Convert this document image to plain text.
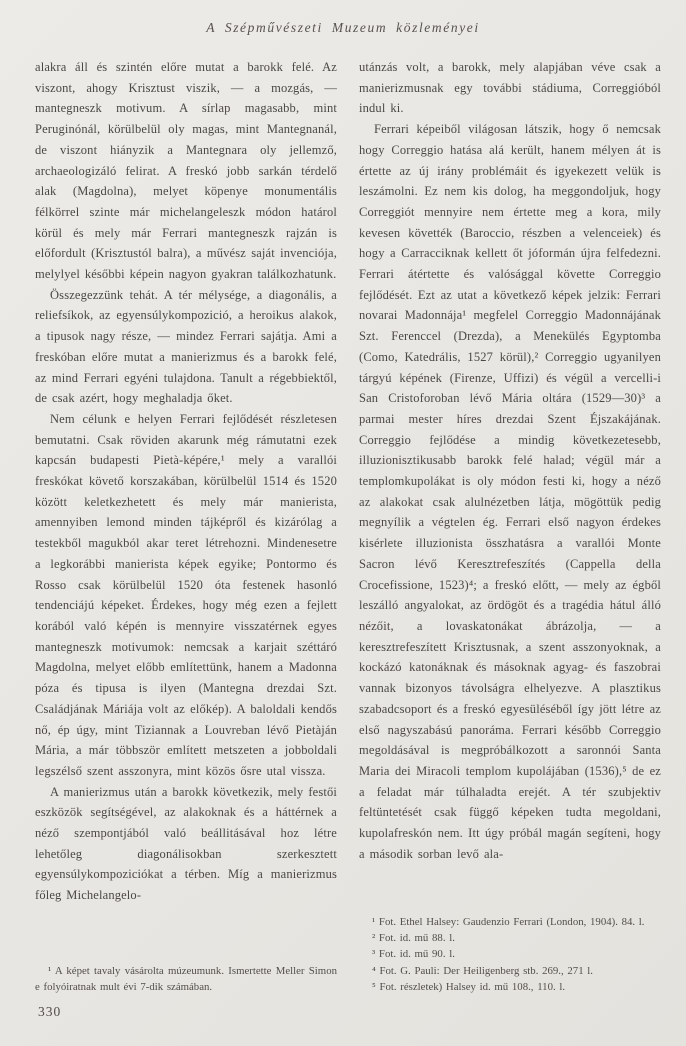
A Szépművészeti Muzeum közleményei

alakra áll és szintén előre mutat a barokk felé. Az viszont, ahogy Krisztust viszik, — a mozgás, — mantegneszk motivum. A sírlap magasabb, mint Peruginónál, körülbelül oly magas, mint Mantegnanál, de viszont hiányzik a Mantegnara oly jellemző, archaeologizáló felirat. A freskó jobb sarkán térdelő alak (Magdolna), melyet köpenye monumentális félkörrel szinte már michelangeleszk módon határol körül és mely már Ferrari mantegneszk rajzán is előfordult (Krisztustól balra), a művész saját invenciója, melylyel későbbi képein nagyon gyakran találkozhatunk.

Összegezzünk tehát. A tér mélysége, a diagonális, a reliefsíkok, az egyensúlykompozició, a heroikus alakok, a tipusok nagy része, — mindez Ferrari sajátja. Ami a freskóban előre mutat a manierizmus és a barokk felé, az mind Ferrari egyéni tulajdona. Tanult a régebbiektől, de csak azért, hogy meghaladja őket.

Nem célunk e helyen Ferrari fejlődését részletesen bemutatni. Csak röviden akarunk még rámutatni ezek kapcsán budapesti Pietà-képére,¹ mely a varallói freskókat követő korszakában, körülbelül 1514 és 1520 között keletkezhetett és mely már manierista, amennyiben lemond minden tájképről és kizárólag a testekből magukból akar teret létrehozni. Mindenesetre a legkorábbi manierista képek egyike; Pontormo és Rosso csak körülbelül 1520 óta festenek hasonló tendenciájú képeket. Érdekes, hogy még ezen a fejlett korából való képén is mennyire visszatérnek egyes mantegneszk motivumok: nemcsak a karjait széttáró Magdolna, melyet előbb említettünk, hanem a Madonna póza és tipusa is ilyen (Mantegna drezdai Szt. Családjának Máriája volt az előkép). A baloldali kendős nő, ép úgy, mint Tiziannak a Louvreban lévő Pietàján Mária, a már többször említett metszeten a jobboldali legszélső szent asszonyra, mint közös ősre utal vissza.

A manierizmus után a barokk következik, mely festői eszközök segítségével, az alakoknak és a háttérnek a néző szempontjából való beállitásával hoz létre lehetőleg diagonálisokban szerkesztett egyensúlykompoziciókat a térben. Míg a manierizmus főleg Michelangelo-

¹ A képet tavaly vásárolta múzeumunk. Ismertette Meller Simon e folyóiratnak mult évi 7-dik számában.

utánzás volt, a barokk, mely alapjában véve csak a manierizmusnak egy további stádiuma, Correggióból indul ki.

Ferrari képeiből világosan látszik, hogy ő nemcsak hogy Correggio hatása alá került, hanem mélyen át is értette az új irány problémáit és igyekezett velük is leszámolni. Ez nem kis dolog, ha meggondoljuk, hogy Correggiót mennyire nem értette meg a kora, mily kevesen követték (Baroccio, részben a velenceiek) és hogy a Carracciknak kellett őt jóformán újra felfedezni. Ferrari átértette és valósággal követte Correggio fejlődését. Ezt az utat a következő képek jelzik: Ferrari novarai Madonnája¹ megfelel Correggio Madonnájának Szt. Ferenccel (Drezda), a Menekülés Egyptomba (Como, Katedrális, 1527 körül),² Correggio ugyanilyen tárgyú képének (Firenze, Uffizi) és végül a vercelli-i San Cristoforoban lévő Mária oltára (1529—30)³ a parmai mester híres drezdai Szent Éjszakájának. Correggio fejlődése a mindig következetesebb, illuzionisztikusabb barokk felé halad; végül már a templomkupolákat is oly módon festi ki, hogy a néző az alakokat csak alulnézetben látja, mögöttük pedig megnyílik a végtelen ég. Ferrari első nagyon érdekes kisérlete illuzionista összhatásra a varallói Monte Sacron lévő Keresztrefeszítés (Cappella della Crocefissione, 1523)⁴; a freskó előtt, — mely az égből leszálló angyalokat, az ördögöt és a tragédia hátul álló nézőit, a lovaskatonákat ábrázolja, — a keresztrefeszített Krisztusnak, a szent asszonyoknak, a kockázó katonáknak és másoknak agyag- és faszobrai vannak bizonyos távolságra elhelyezve. A plasztikus szabadcsoport és a freskó egyesüléséből így jött létre az első nagyszabású panoráma. Ferrari később Correggio megoldásával is megpróbálkozott a saronnói Santa Maria dei Miracoli templom kupolájában (1536),⁵ de ez a feladat már túlhaladta erejét. A tér szubjektiv feltüntetését csak függő képeken tudta megoldani, kupolafreskón nem. Itt úgy próbál magán segíteni, hogy a második sorban levő ala-

¹ Fot. Ethel Halsey: Gaudenzio Ferrari (London, 1904). 84. l.

² Fot. id. mű 88. l.

³ Fot. id. mű 90. l.

⁴ Fot. G. Pauli: Der Heiligenberg stb. 269., 271 l.

⁵ Fot. részletek) Halsey id. mű 108., 110. l.

330
